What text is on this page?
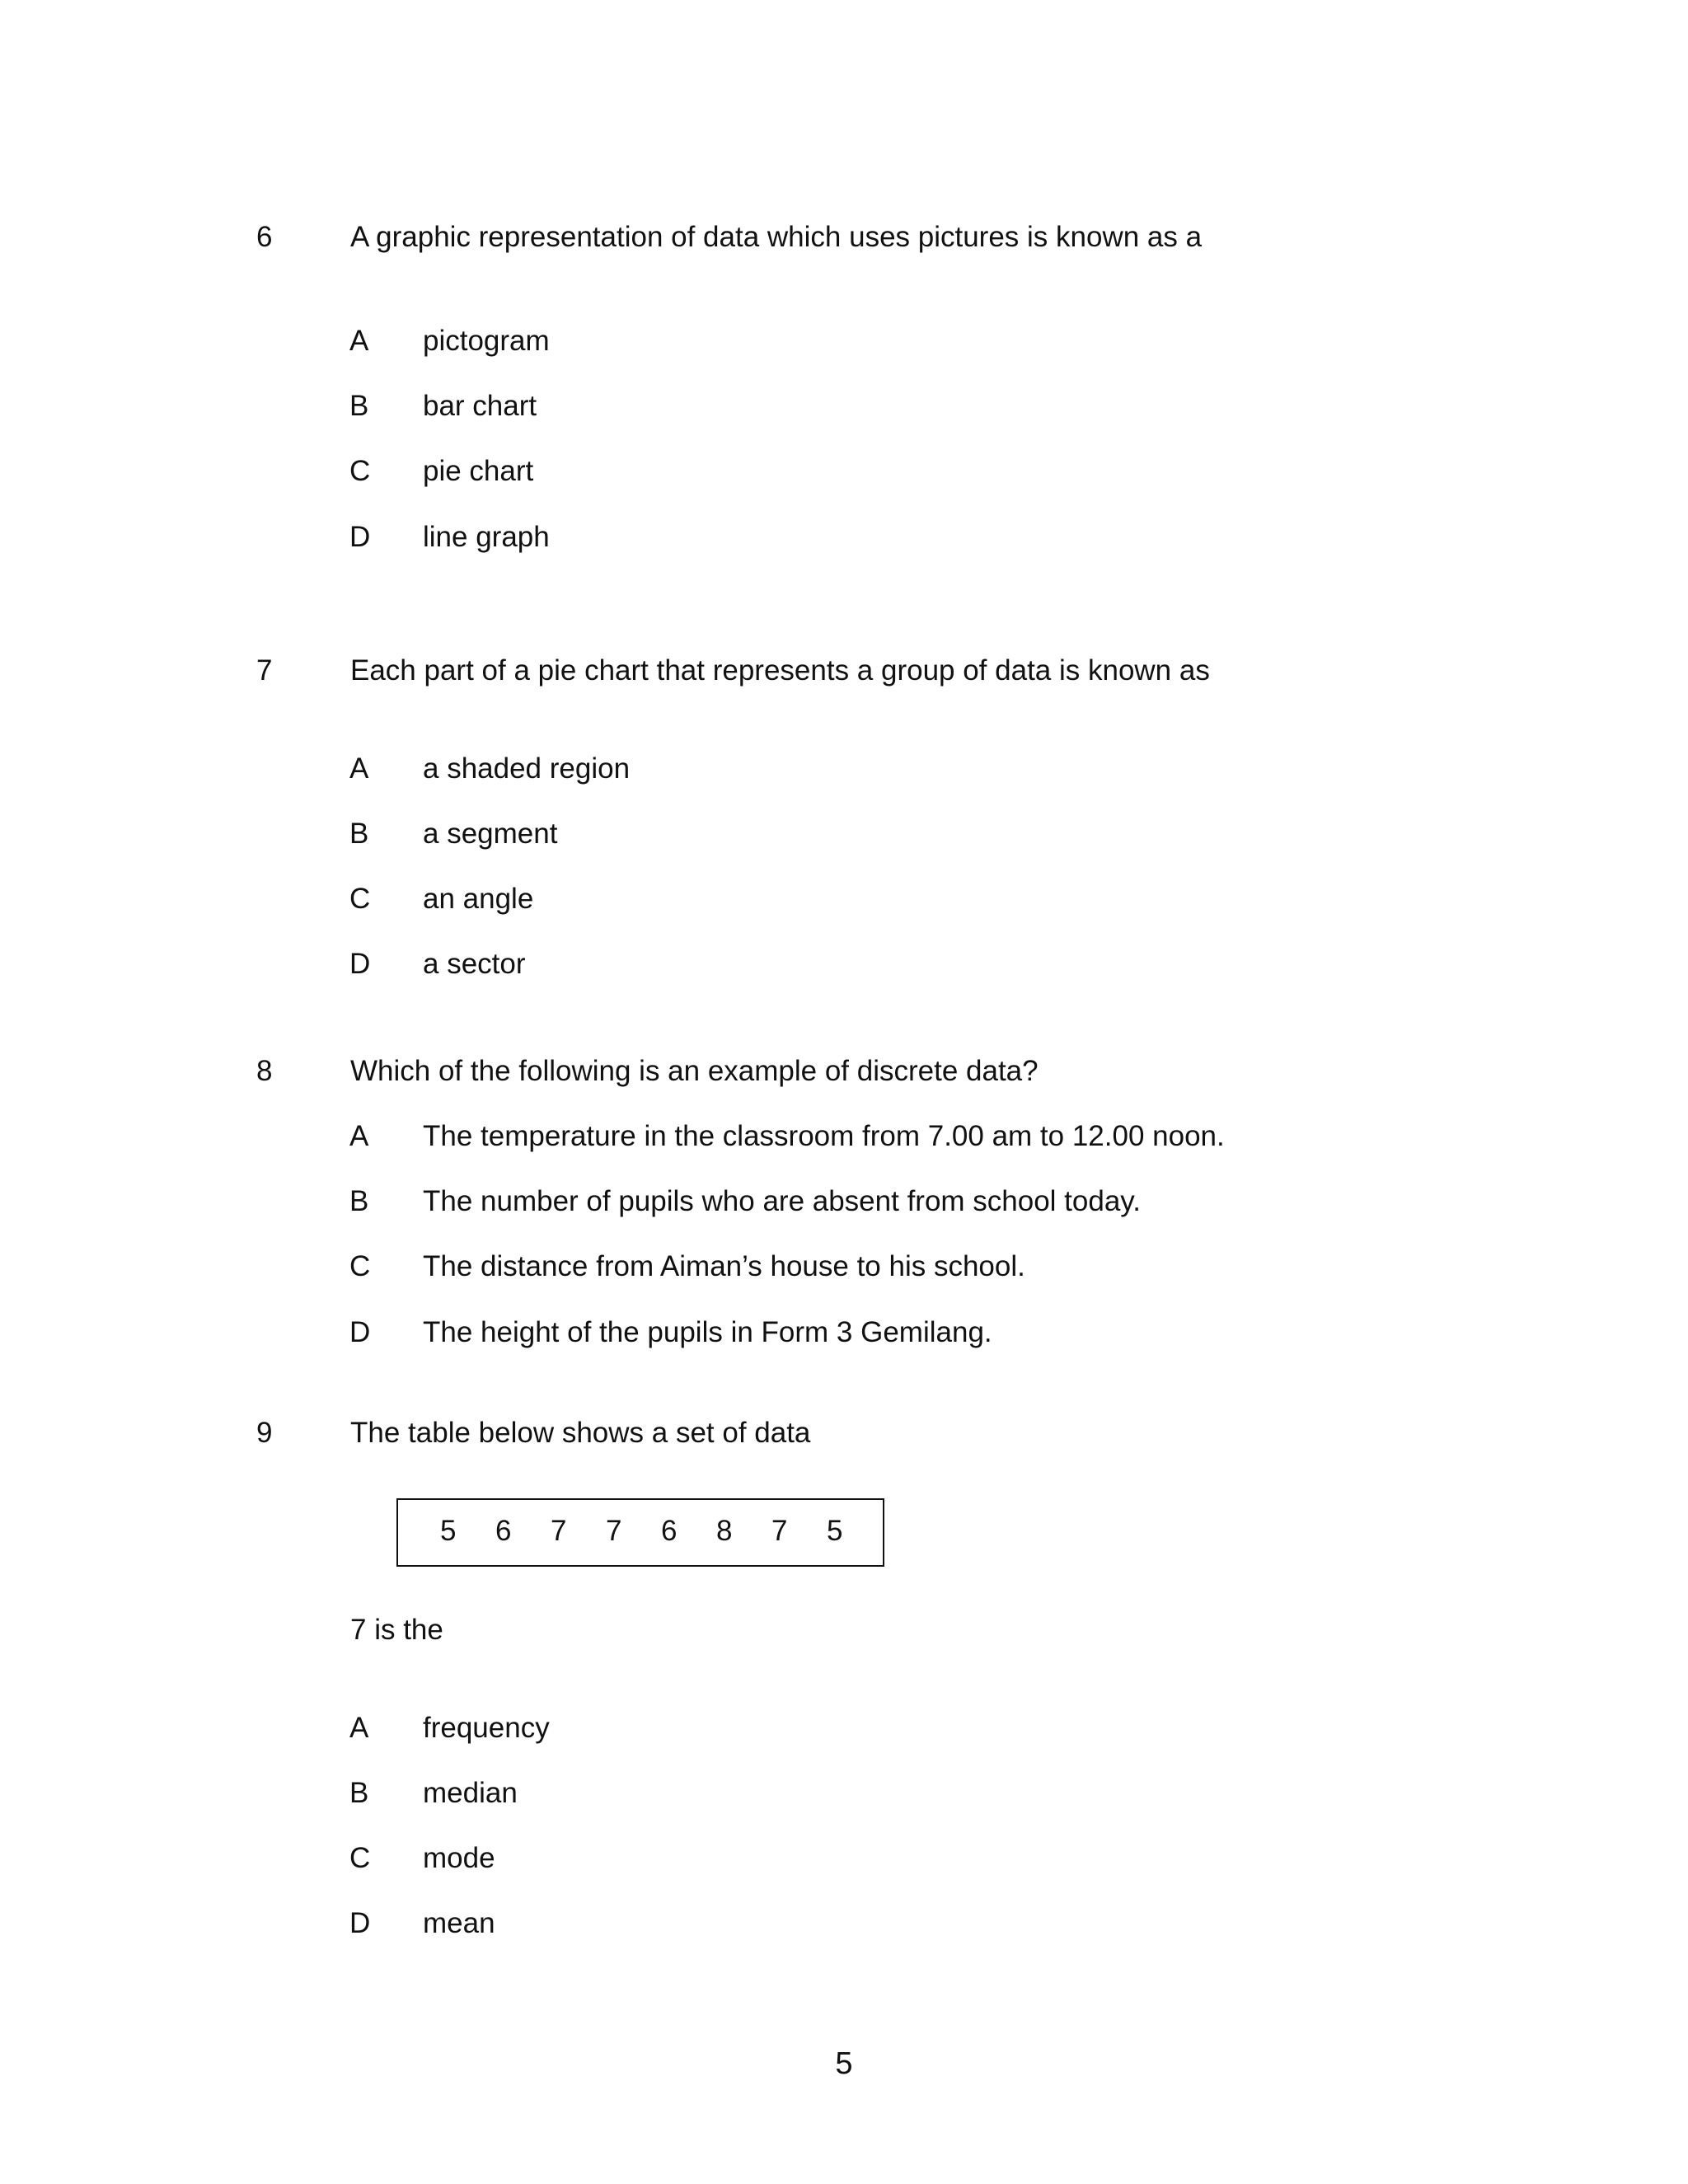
6	A graphic representation of data which uses pictures is known as a
A pictogram
B bar chart
C pie chart
D line graph
7	Each part of a pie chart that represents a group of data is known as
A a shaded region
B a segment
C an angle
D a sector
8	Which of the following is an example of discrete data?
A The temperature in the classroom from 7.00 am to 12.00 noon.
B The number of pupils who are absent from school today.
C The distance from Aiman’s house to his school.
D The height of the pupils in Form 3 Gemilang.
9	The table below shows a set of data
5 6 7 7 6 8 7 5
7 is the
A frequency
B median
C mode
D mean
5
